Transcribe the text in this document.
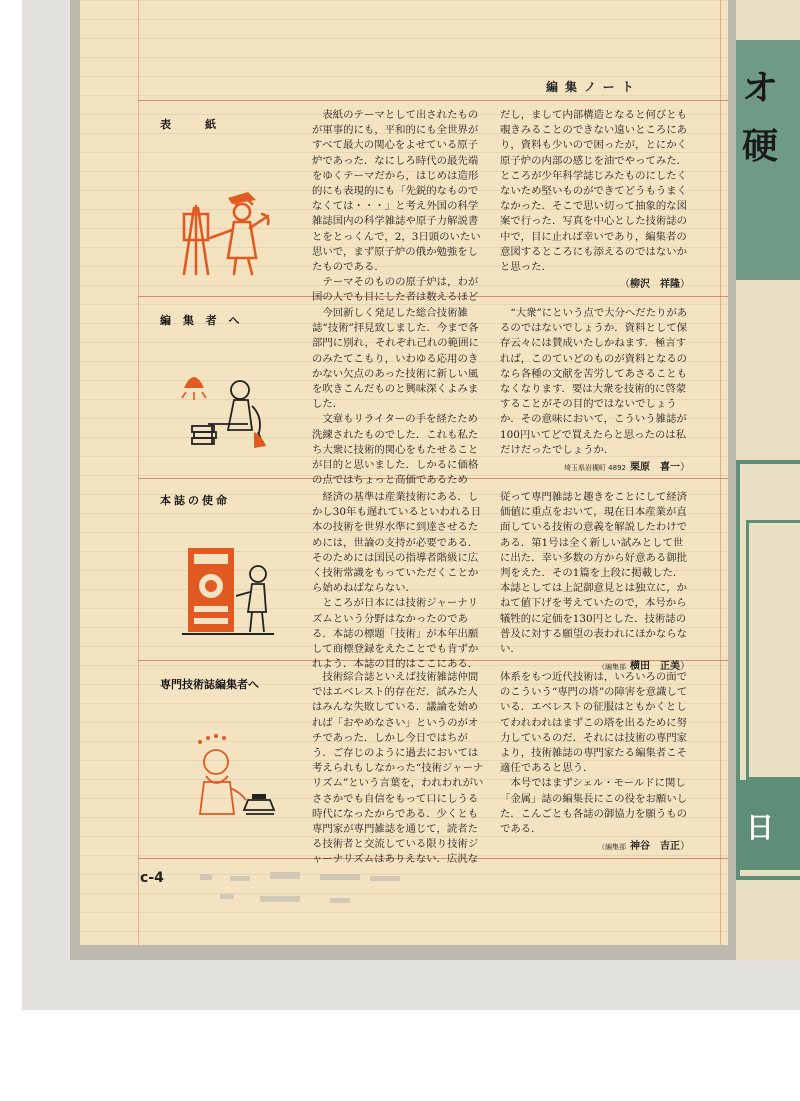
オ
硬
日
編集ノート
表　　紙

表紙のテーマとして出されたものが軍事的にも，平和的にも全世界がすべて最大の関心をよせている原子炉であった．なにしろ時代の最先端をゆくテーマだから，はじめは造形的にも表現的にも「先鋭的なものでなくては・・・」と考え外国の科学雑誌国内の科学雑誌や原子力解説書とをとっくんで，2，3日頭のいたい思いで，まず原子炉の俄か勉強をしたものである．

テーマそのものの原子炉は，わが国の人でも目にした者は数えるほど

だし，まして内部構造となると何びとも覗きみることのできない遠いところにあり，資料も少いので困ったが，とにかく原子炉の内部の感じを油でやってみた．ところが少年科学誌じみたものにしたくないため堅いものができてどうもうまくなかった．そこで思い切って抽象的な図案で行った．写真を中心とした技術誌の中で，目に止れば幸いであり，編集者の意図するところにも添えるのではないかと思った．

（柳沢　祥隆）
編 集 者 へ

今回新しく発足した総合技術雑誌“技術”拝見致しました．今まで各部門に別れ，それぞれ己れの範囲にのみたてこもり，いわゆる応用のきかない欠点のあった技術に新しい風を吹きこんだものと興味深くよみました．

文章もリライターの手を経たため洗練されたものでした．これも私たち大衆に技術的関心をもたせることが目的と思いました．しかるに価格の点ではちょっと高価であるため

“大衆”にという点で大分へだたりがあるのではないでしょうか．資料として保存云々には賛成いたしかねます．極言すれば，このていどのものが資料となるのなら各種の文献を苦労してあさることもなくなります．要は大衆を技術的に啓蒙することがその目的ではないでしょうか．その意味において，こういう雑誌が100円いてどで買えたらと思ったのは私だけだったでしょうか．

埼玉県岩槻町 4892 栗原　喜一）
本誌の使命	経済の基準は産業技術にある．しかし30年も遅れているといわれる日本の技術を世界水準に到達させるためには，世論の支持が必要である．そのためには国民の指導者階級に広く技術常識をもっていただくことから始めねばならない．

ところが日本には技術ジャーナリズムという分野はなかったのである．本誌の標題「技術」が本年出願して商標登録をえたことでも肯ずかれよう．本誌の目的はここにある．

従って専門雑誌と趣きをことにして経済価値に重点をおいて，現在日本産業が直面している技術の意義を解説したわけである．第1号は全く新しい試みとして世に出た．幸い多数の方から好意ある御批判をえた．その1篇を上段に掲載した．本誌としては上記御意見とは独立に，かねて値下げを考えていたので，本号から犠牲的に定価を130円とした．技術誌の普及に対する願望の表われにほかならない．

（編集部 横田　正美）
専門技術誌編集者へ

技術綜合誌といえば技術雑誌仲間ではエベレスト的存在だ．試みた人はみんな失敗している．議論を始めれば「おやめなさい」というのがオチであった．しかし今日ではちがう．ご存じのように過去においては考えられもしなかった“技術ジャーナリズム”という言葉を，われわれがいささかでも自信をもって口にしうる時代になったからである．少くとも専門家が専門雑誌を通じて，読者たる技術者と交流している限り技術ジャーナリズムはありえない．広汎な

体系をもつ近代技術は，いろいろの面でのこういう“専門の塔”の障害を意識している．エベレストの征服はともかくとしてわれわれはまずこの塔を出るために努力しているのだ．それには技術の専門家より，技術雑誌の専門家たる編集者こそ適任であると思う．

本号ではまずシェル・モールドに関し「金属」誌の編集長にこの役をお願いした．こんごとも各誌の御協力を願うものである．

（編集部 神谷　吉正）
c-4
